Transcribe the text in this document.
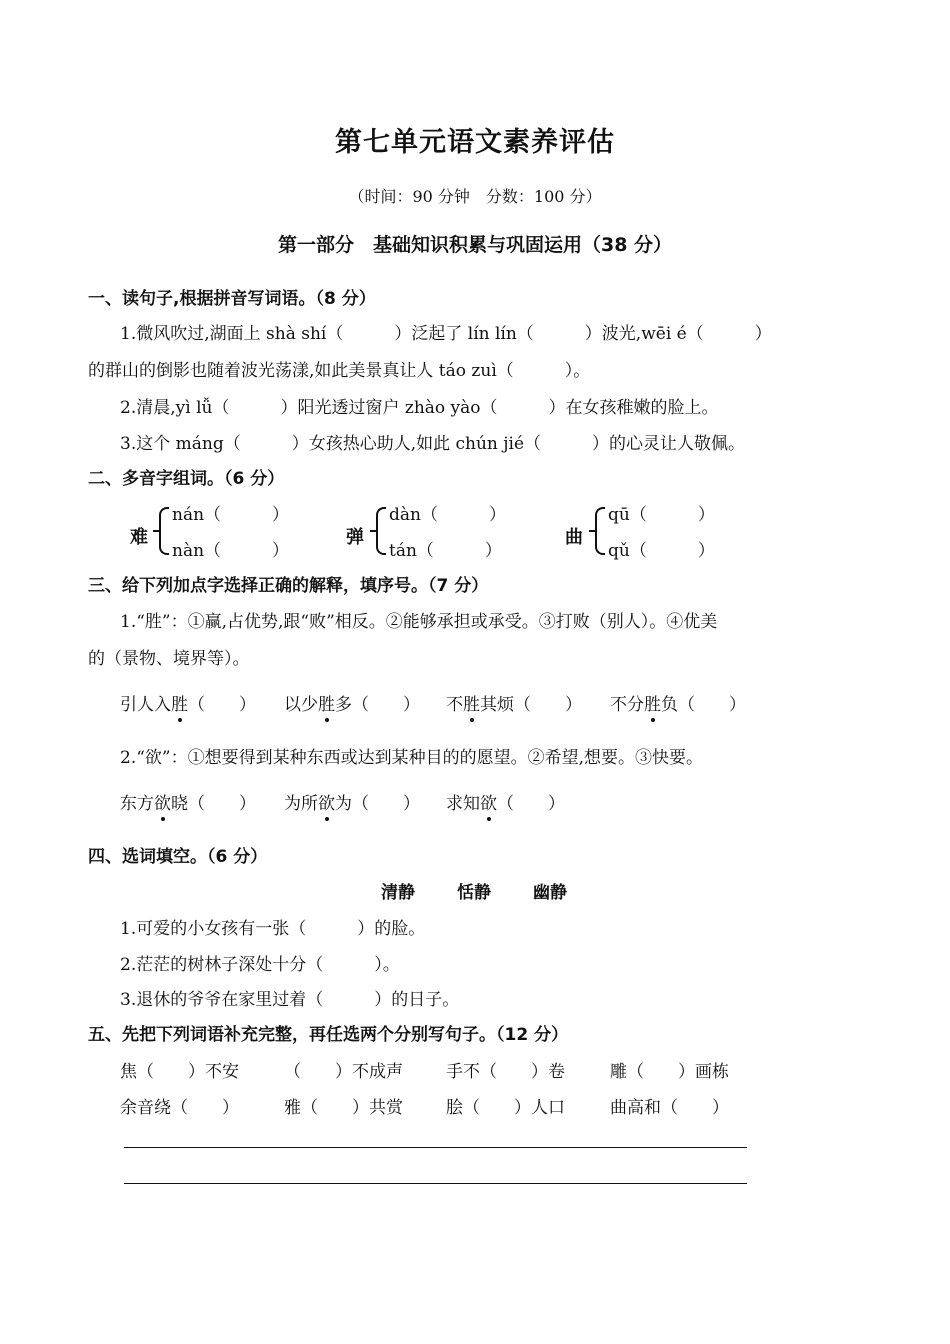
第七单元语文素养评估
（时间：90 分钟　分数：100 分）
第一部分　基础知识积累与巩固运用（38 分）
一、读句子,根据拼音写词语。（8 分）
1.微风吹过,湖面上 shà shí（　　　）泛起了 lín lín（　　　）波光,wēi é（　　　）
的群山的倒影也随着波光荡漾,如此美景真让人 táo zuì（　　　）。
2.清晨,yì lǚ（　　　）阳光透过窗户 zhào yào（　　　）在女孩稚嫩的脸上。
3.这个 máng（　　　）女孩热心助人,如此 chún jié（　　　）的心灵让人敬佩。
二、多音字组词。（6 分）
难
nán（　　　）
nàn（　　　）
弹
dàn（　　　）
tán（　　　）
曲
qū（　　　）
qǔ（　　　）
三、给下列加点字选择正确的解释，填序号。（7 分）
1.“胜”：①赢,占优势,跟“败”相反。②能够承担或承受。③打败（别人）。④优美
的（景物、境界等）。
引人入胜（　　） 以少胜多（　　） 不胜其烦（　　） 不分胜负（　　）
2.“欲”：①想要得到某种东西或达到某种目的的愿望。②希望,想要。③快要。
东方欲晓（　　） 为所欲为（　　） 求知欲（　　）
四、选词填空。（6 分）
清静 恬静 幽静
1.可爱的小女孩有一张（　　　）的脸。
2.茫茫的树林子深处十分（　　　）。
3.退休的爷爷在家里过着（　　　）的日子。
五、先把下列词语补充完整，再任选两个分别写句子。（12 分）
焦（　　）不安	（　　）不成声	手不（　　）卷	雕（　　）画栋
余音绕（　　）	雅（　　）共赏	脍（　　）人口	曲高和（　　）
